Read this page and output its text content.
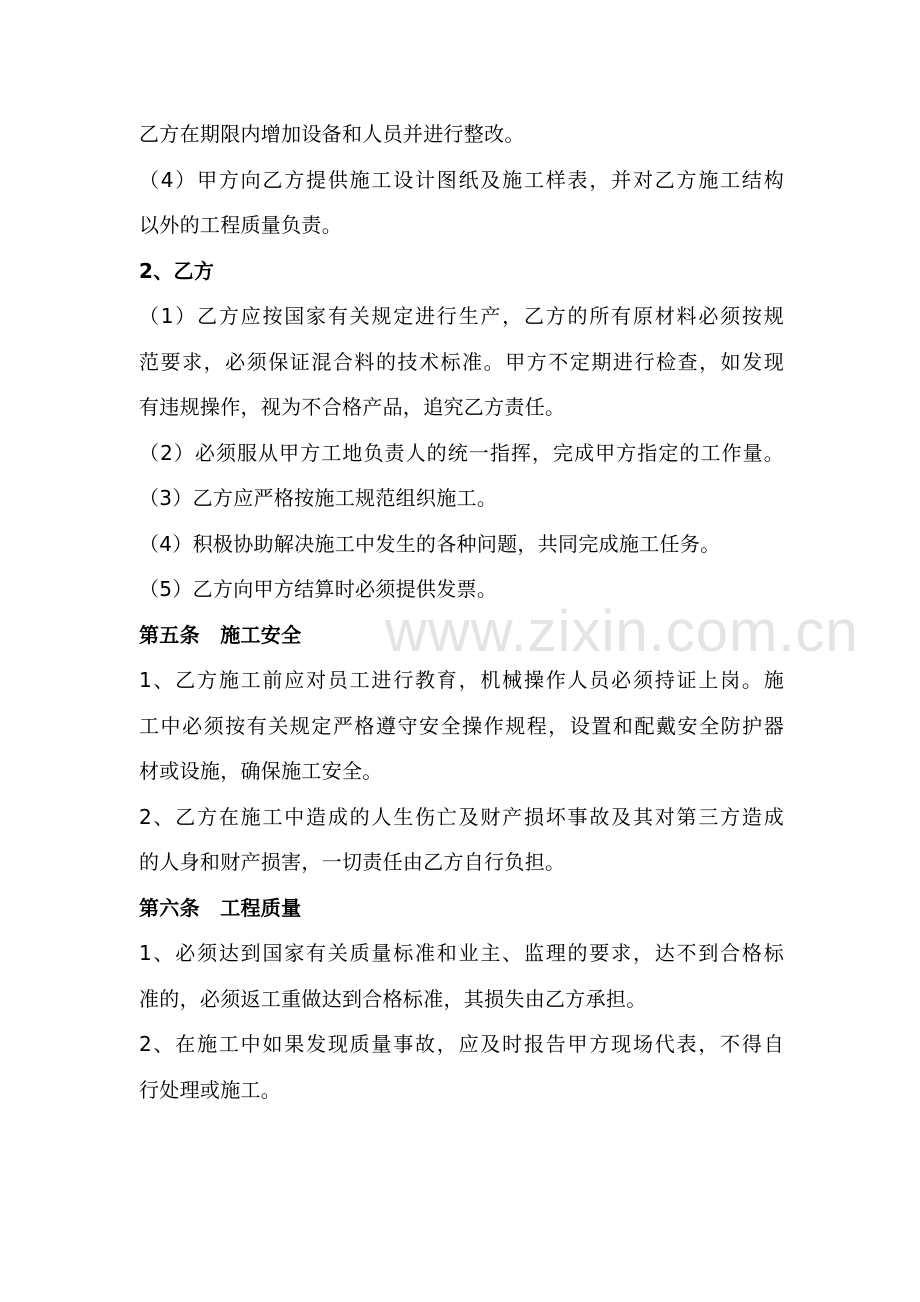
www.zixin.com.cn
乙方在期限内增加设备和人员并进行整改。
（4）甲方向乙方提供施工设计图纸及施工样表，并对乙方施工结构
以外的工程质量负责。
2、乙方
（1）乙方应按国家有关规定进行生产，乙方的所有原材料必须按规
范要求，必须保证混合料的技术标准。甲方不定期进行检查，如发现
有违规操作，视为不合格产品，追究乙方责任。
（2）必须服从甲方工地负责人的统一指挥，完成甲方指定的工作量。
（3）乙方应严格按施工规范组织施工。
（4）积极协助解决施工中发生的各种问题，共同完成施工任务。
（5）乙方向甲方结算时必须提供发票。
第五条　施工安全
1、乙方施工前应对员工进行教育，机械操作人员必须持证上岗。施
工中必须按有关规定严格遵守安全操作规程，设置和配戴安全防护器
材或设施，确保施工安全。
2、乙方在施工中造成的人生伤亡及财产损坏事故及其对第三方造成
的人身和财产损害，一切责任由乙方自行负担。
第六条　工程质量
1、必须达到国家有关质量标准和业主、监理的要求，达不到合格标
准的，必须返工重做达到合格标准，其损失由乙方承担。
2、在施工中如果发现质量事故，应及时报告甲方现场代表，不得自
行处理或施工。
